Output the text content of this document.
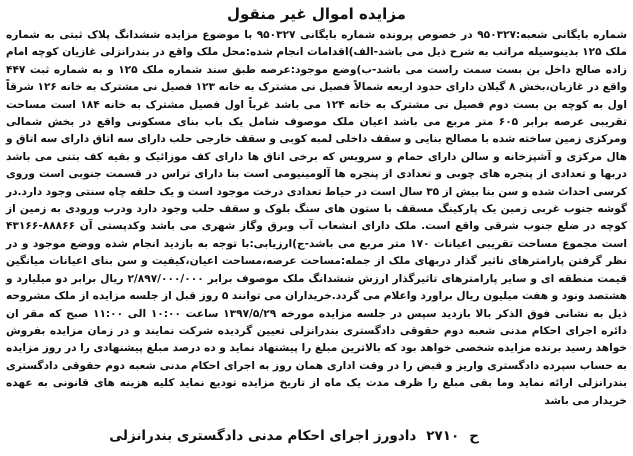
مزایده اموال غیر منقول

شماره بایگانی شعبه:۹۵۰۳۲۷ در خصوص پرونده شماره بایگانی ۹۵۰۳۲۷ با موضوع مزایده ششدانگ پلاک ثبتی به شماره ملک ۱۲۵ بدینوسیله مراتب به شرح ذیل می باشد-الف)اقدامات انجام شده:محل ملک واقع در بندرانزلی غازیان کوچه امام زاده صالح داخل بن بست سمت راست می باشد-ب)وضع موجود:عرصه طبق سند شماره ملک ۱۲۵ و به شماره ثبت ۴۴۷ واقع در غازیان،بخش ۸ گیلان دارای حدود اربعه شمالاً فصیل نی مشترک به خانه ۱۲۳ فصیل نی مشترک به خانه ۱۲۶ شرقاً اول به کوچه بن بست دوم فصیل نی مشترک به خانه ۱۲۴ می باشد غرباً اول فصیل مشترک به خانه ۱۸۴ است مساحت تقریبی عرصه برابر ۶۰۵ متر مربع می باشد اعیان ملک موصوف شامل یک باب بنای مسکونی واقع در بخش شمالی ومرکزی زمین ساخته شده با مصالح بنایی و سقف داخلی لمبه کوبی و سقف خارجی حلب دارای سه اتاق دارای سه اتاق و هال مرکزی و آشپزخانه و سالن دارای حمام و سرویس که برخی اتاق ها دارای کف موزائیک و بقیه کف بتنی می باشد دربها و تعدادی از پنجره های چوبی و تعدادی از پنجره ها آلومینیومی است بنا دارای تراس در قسمت جنوبی است وروی کرسی احداث شده و سن بنا بیش از ۳۵ سال است در حیاط تعدادی درخت موجود است و یک حلقه چاه سنتی وجود دارد.در گوشه جنوب غربی زمین یک پارکینگ مسقف با ستون های سنگ بلوک و سقف حلب وجود دارد ودرب ورودی به زمین از کوچه در ضلع جنوب شرقی واقع است. ملک دارای انشعاب آب وبرق وگاز شهری می باشد وکدپستی آن ۸۸۸۶۶-۴۳۱۶۶ است مجموع مساحت تقریبی اعیانات ۱۷۰ متر مربع می باشد-ج)ارزیابی:با توجه به بازدید انجام شده ووضع موجود و در نظر گرفتن پارامترهای تاثیر گذار دربهای ملک از جمله:مساحت عرصه،مساحت اعیان،کیفیت و سن بنای اعیانات میانگین قیمت منطقه ای و سایر پارامترهای تاثیرگذار ارزش ششدانگ ملک موصوف برابر ۲/۸۹۷/۰۰۰/۰۰۰ ریال برابر دو میلیارد و هشتصد ونود و هفت میلیون ریال براورد واعلام می گردد.خریداران می توانند ۵ روز قبل از جلسه مزایده از ملک مشروحه ذیل به نشانی فوق الذکر بالا بازدید سپس در جلسه مزایده مورخه ۱۳۹۷/۵/۲۹ ساعت ۱۰:۰۰ الی ۱۱:۰۰ صبح که مقر ان دائره اجرای احکام مدنی شعبه دوم حقوقی دادگستری بندرانزلی تعیین گردیده شرکت نمایند و در زمان مزایده بفروش خواهد رسید برنده مزایده شخصی خواهد بود که بالاترین مبلغ را پیشنهاد نماید و ده درصد مبلغ پیشنهادی را در روز مزایده به حساب سپرده دادگستری واریز و قبض را در وقت اداری همان روز به اجرای احکام مدنی شعبه دوم حقوقی دادگستری بندرانزلی ارائه نماید وما بقی مبلغ را ظرف مدت یک ماه از تاریخ مزایده تودیع نماید کلیه هزینه های قانونی به عهده خریدار می باشد

ح
۲۷۱۰
دادورز اجرای احکام مدنی دادگستری بندرانزلی
